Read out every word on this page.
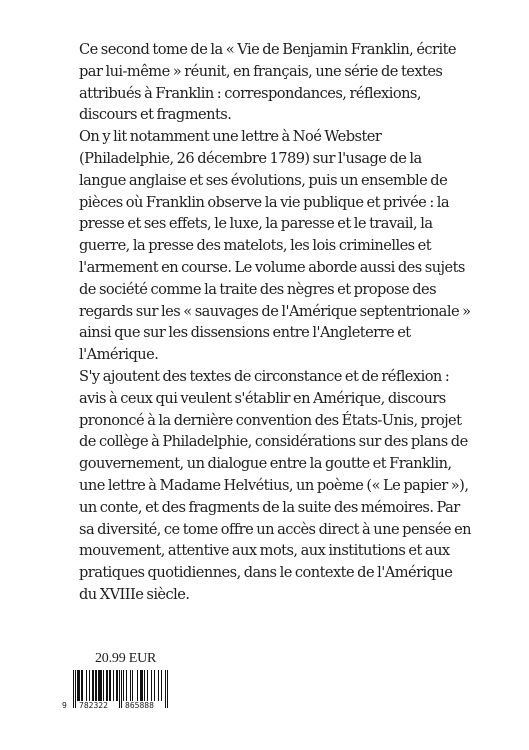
Ce second tome de la « Vie de Benjamin Franklin, écrite par lui-même » réunit, en français, une série de textes attribués à Franklin : correspondances, réflexions, discours et fragments.

On y lit notamment une lettre à Noé Webster (Philadelphie, 26 décembre 1789) sur l'usage de la langue anglaise et ses évolutions, puis un ensemble de pièces où Franklin observe la vie publique et privée : la presse et ses effets, le luxe, la paresse et le travail, la guerre, la presse des matelots, les lois criminelles et l'armement en course. Le volume aborde aussi des sujets de société comme la traite des nègres et propose des regards sur les « sauvages de l'Amérique septentrionale » ainsi que sur les dissensions entre l'Angleterre et l'Amérique.

S'y ajoutent des textes de circonstance et de réflexion : avis à ceux qui veulent s'établir en Amérique, discours prononcé à la dernière convention des États-Unis, projet de collège à Philadelphie, considérations sur des plans de gouvernement, un dialogue entre la goutte et Franklin, une lettre à Madame Helvétius, un poème (« Le papier »), un conte, et des fragments de la suite des mémoires. Par sa diversité, ce tome offre un accès direct à une pensée en mouvement, attentive aux mots, aux institutions et aux pratiques quotidiennes, dans le contexte de l'Amérique du XVIIIe siècle.

20.99 EUR
9 782322 865888
